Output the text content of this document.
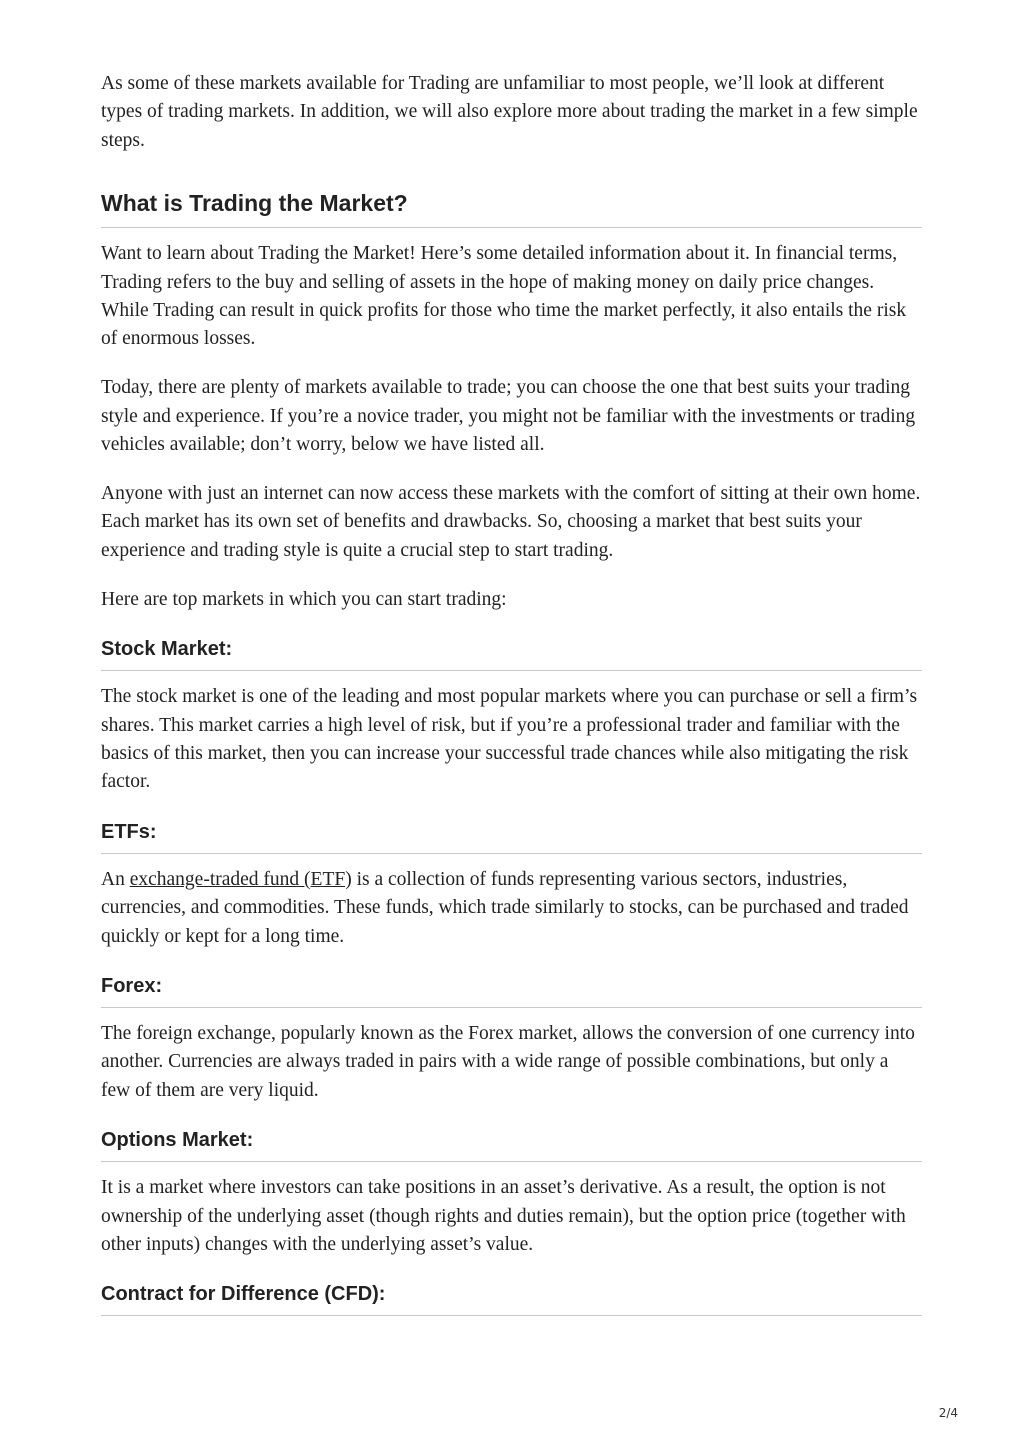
As some of these markets available for Trading are unfamiliar to most people, we’ll look at different types of trading markets. In addition, we will also explore more about trading the market in a few simple steps.

What is Trading the Market?

Want to learn about Trading the Market! Here’s some detailed information about it. In financial terms, Trading refers to the buy and selling of assets in the hope of making money on daily price changes. While Trading can result in quick profits for those who time the market perfectly, it also entails the risk of enormous losses.

Today, there are plenty of markets available to trade; you can choose the one that best suits your trading style and experience. If you’re a novice trader, you might not be familiar with the investments or trading vehicles available; don’t worry, below we have listed all.

Anyone with just an internet can now access these markets with the comfort of sitting at their own home. Each market has its own set of benefits and drawbacks. So, choosing a market that best suits your experience and trading style is quite a crucial step to start trading.

Here are top markets in which you can start trading:

Stock Market:

The stock market is one of the leading and most popular markets where you can purchase or sell a firm’s shares. This market carries a high level of risk, but if you’re a professional trader and familiar with the basics of this market, then you can increase your successful trade chances while also mitigating the risk factor.

ETFs:

An exchange-traded fund (ETF) is a collection of funds representing various sectors, industries, currencies, and commodities. These funds, which trade similarly to stocks, can be purchased and traded quickly or kept for a long time.

Forex:

The foreign exchange, popularly known as the Forex market, allows the conversion of one currency into another. Currencies are always traded in pairs with a wide range of possible combinations, but only a few of them are very liquid.

Options Market:

It is a market where investors can take positions in an asset’s derivative. As a result, the option is not ownership of the underlying asset (though rights and duties remain), but the option price (together with other inputs) changes with the underlying asset’s value.

Contract for Difference (CFD):
2/4
